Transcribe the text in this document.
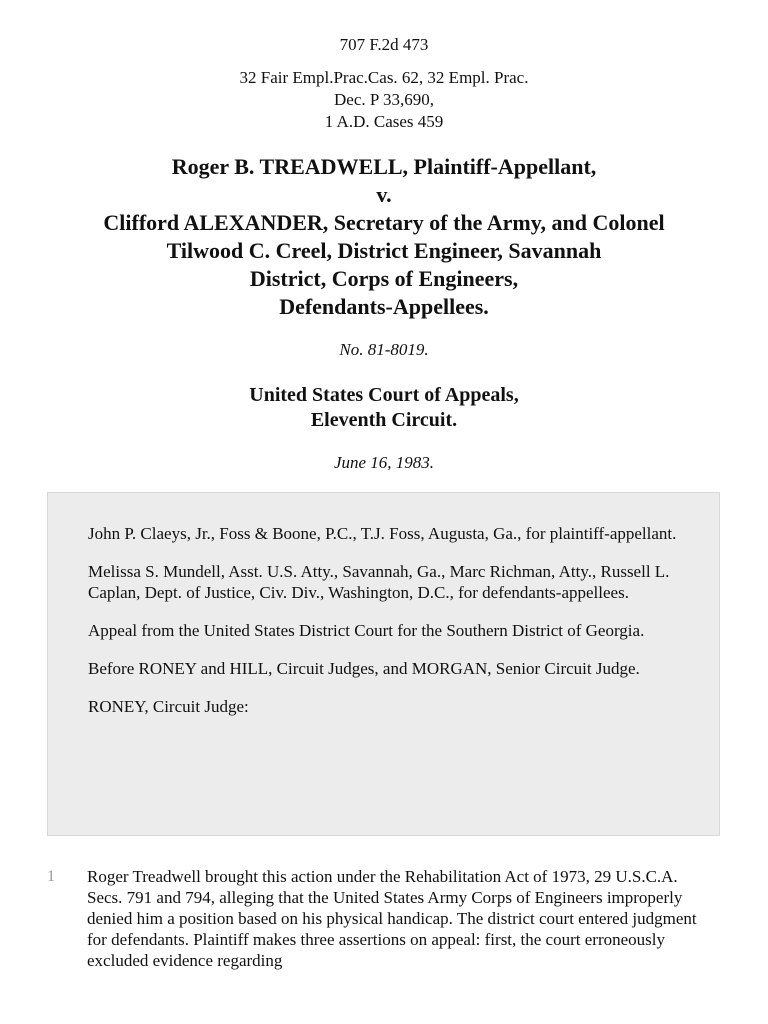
707 F.2d 473
32 Fair Empl.Prac.Cas. 62, 32 Empl. Prac.
Dec. P 33,690,
1 A.D. Cases 459
Roger B. TREADWELL, Plaintiff-Appellant,
v.
Clifford ALEXANDER, Secretary of the Army, and Colonel
Tilwood C. Creel, District Engineer, Savannah
District, Corps of Engineers,
Defendants-Appellees.
No. 81-8019.
United States Court of Appeals,
Eleventh Circuit.
June 16, 1983.

John P. Claeys, Jr., Foss & Boone, P.C., T.J. Foss, Augusta, Ga., for plaintiff-appellant.

Melissa S. Mundell, Asst. U.S. Atty., Savannah, Ga., Marc Richman, Atty., Russell L. Caplan, Dept. of Justice, Civ. Div., Washington, D.C., for defendants-appellees.

Appeal from the United States District Court for the Southern District of Georgia.

Before RONEY and HILL, Circuit Judges, and MORGAN, Senior Circuit Judge.

RONEY, Circuit Judge:

1 Roger Treadwell brought this action under the Rehabilitation Act of 1973, 29 U.S.C.A. Secs. 791 and 794, alleging that the United States Army Corps of Engineers improperly denied him a position based on his physical handicap. The district court entered judgment for defendants. Plaintiff makes three assertions on appeal: first, the court erroneously excluded evidence regarding
